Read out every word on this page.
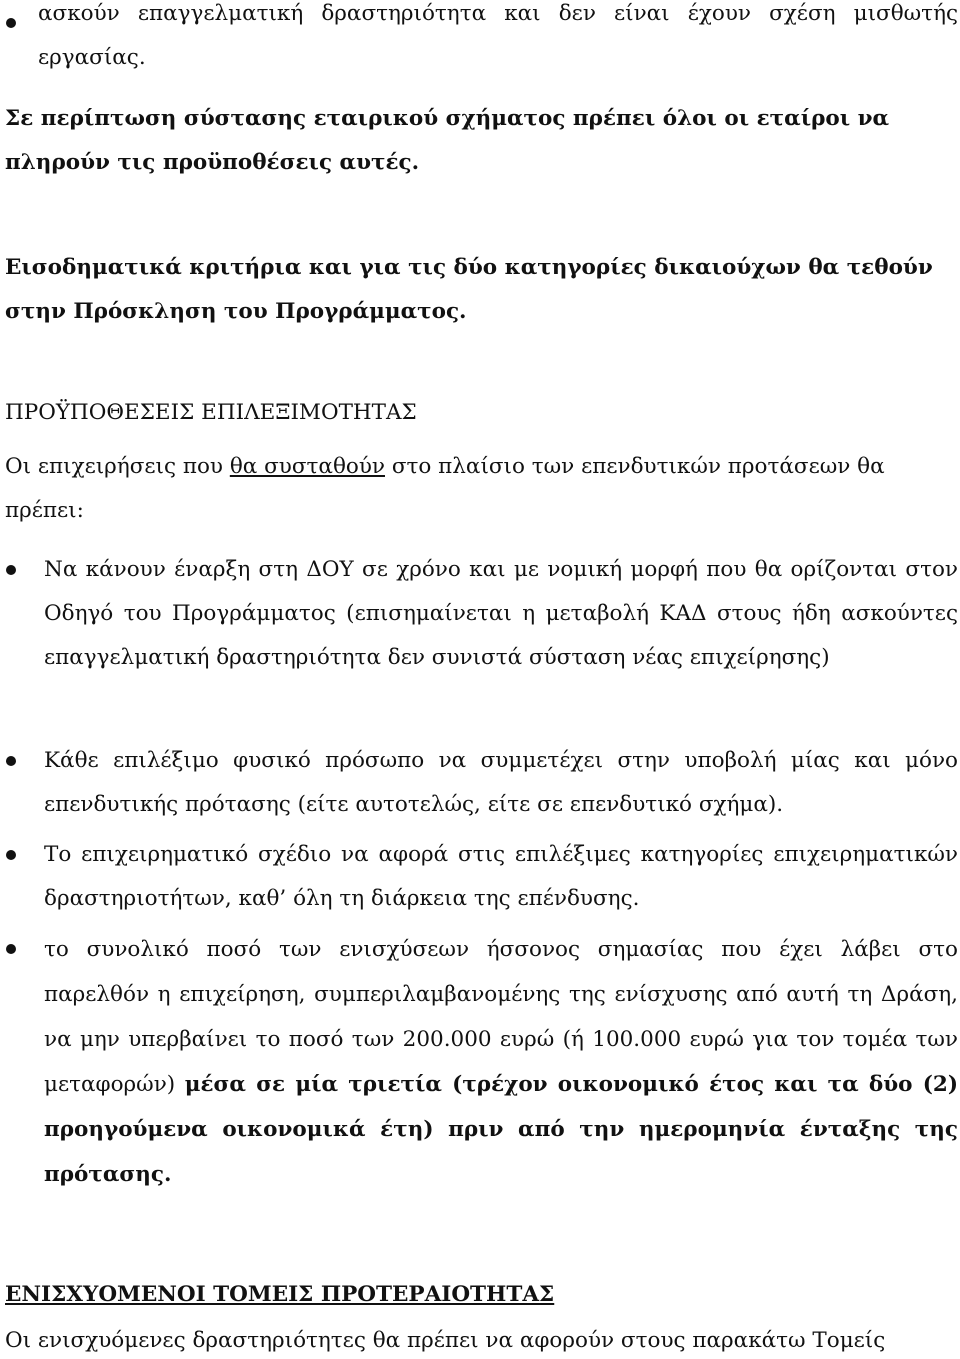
ασκούν επαγγελματική δραστηριότητα και δεν είναι έχουν σχέση μισθωτής εργασίας.

Σε περίπτωση σύστασης εταιρικού σχήματος πρέπει όλοι οι εταίροι να πληρούν τις προϋποθέσεις αυτές.

Εισοδηματικά κριτήρια και για τις δύο κατηγορίες δικαιούχων θα τεθούν στην Πρόσκληση του Προγράμματος.

ΠΡΟΫΠΟΘΕΣΕΙΣ ΕΠΙΛΕΞΙΜΟΤΗΤΑΣ

Οι επιχειρήσεις που θα συσταθούν στο πλαίσιο των επενδυτικών προτάσεων θα πρέπει:

Να κάνουν έναρξη στη ΔΟΥ σε χρόνο και με νομική μορφή που θα ορίζονται στον Οδηγό του Προγράμματος (επισημαίνεται η μεταβολή ΚΑΔ στους ήδη ασκούντες επαγγελματική δραστηριότητα δεν συνιστά σύσταση νέας επιχείρησης)

Κάθε επιλέξιμο φυσικό πρόσωπο να συμμετέχει στην υποβολή μίας και μόνο επενδυτικής πρότασης (είτε αυτοτελώς, είτε σε επενδυτικό σχήμα).

Το επιχειρηματικό σχέδιο να αφορά στις επιλέξιμες κατηγορίες επιχειρηματικών δραστηριοτήτων, καθ’ όλη τη διάρκεια της επένδυσης.

το συνολικό ποσό των ενισχύσεων ήσσονος σημασίας που έχει λάβει στο παρελθόν η επιχείρηση, συμπεριλαμβανομένης της ενίσχυσης από αυτή τη Δράση, να μην υπερβαίνει το ποσό των 200.000 ευρώ (ή 100.000 ευρώ για τον τομέα των μεταφορών) μέσα σε μία τριετία (τρέχον οικονομικό έτος και τα δύο (2) προηγούμενα οικονομικά έτη) πριν από την ημερομηνία ένταξης της πρότασης.

ΕΝΙΣΧΥΟΜΕΝΟΙ ΤΟΜΕΙΣ ΠΡΟΤΕΡΑΙΟΤΗΤΑΣ

Οι ενισχυόμενες δραστηριότητες θα πρέπει να αφορούν στους παρακάτω Τομείς
